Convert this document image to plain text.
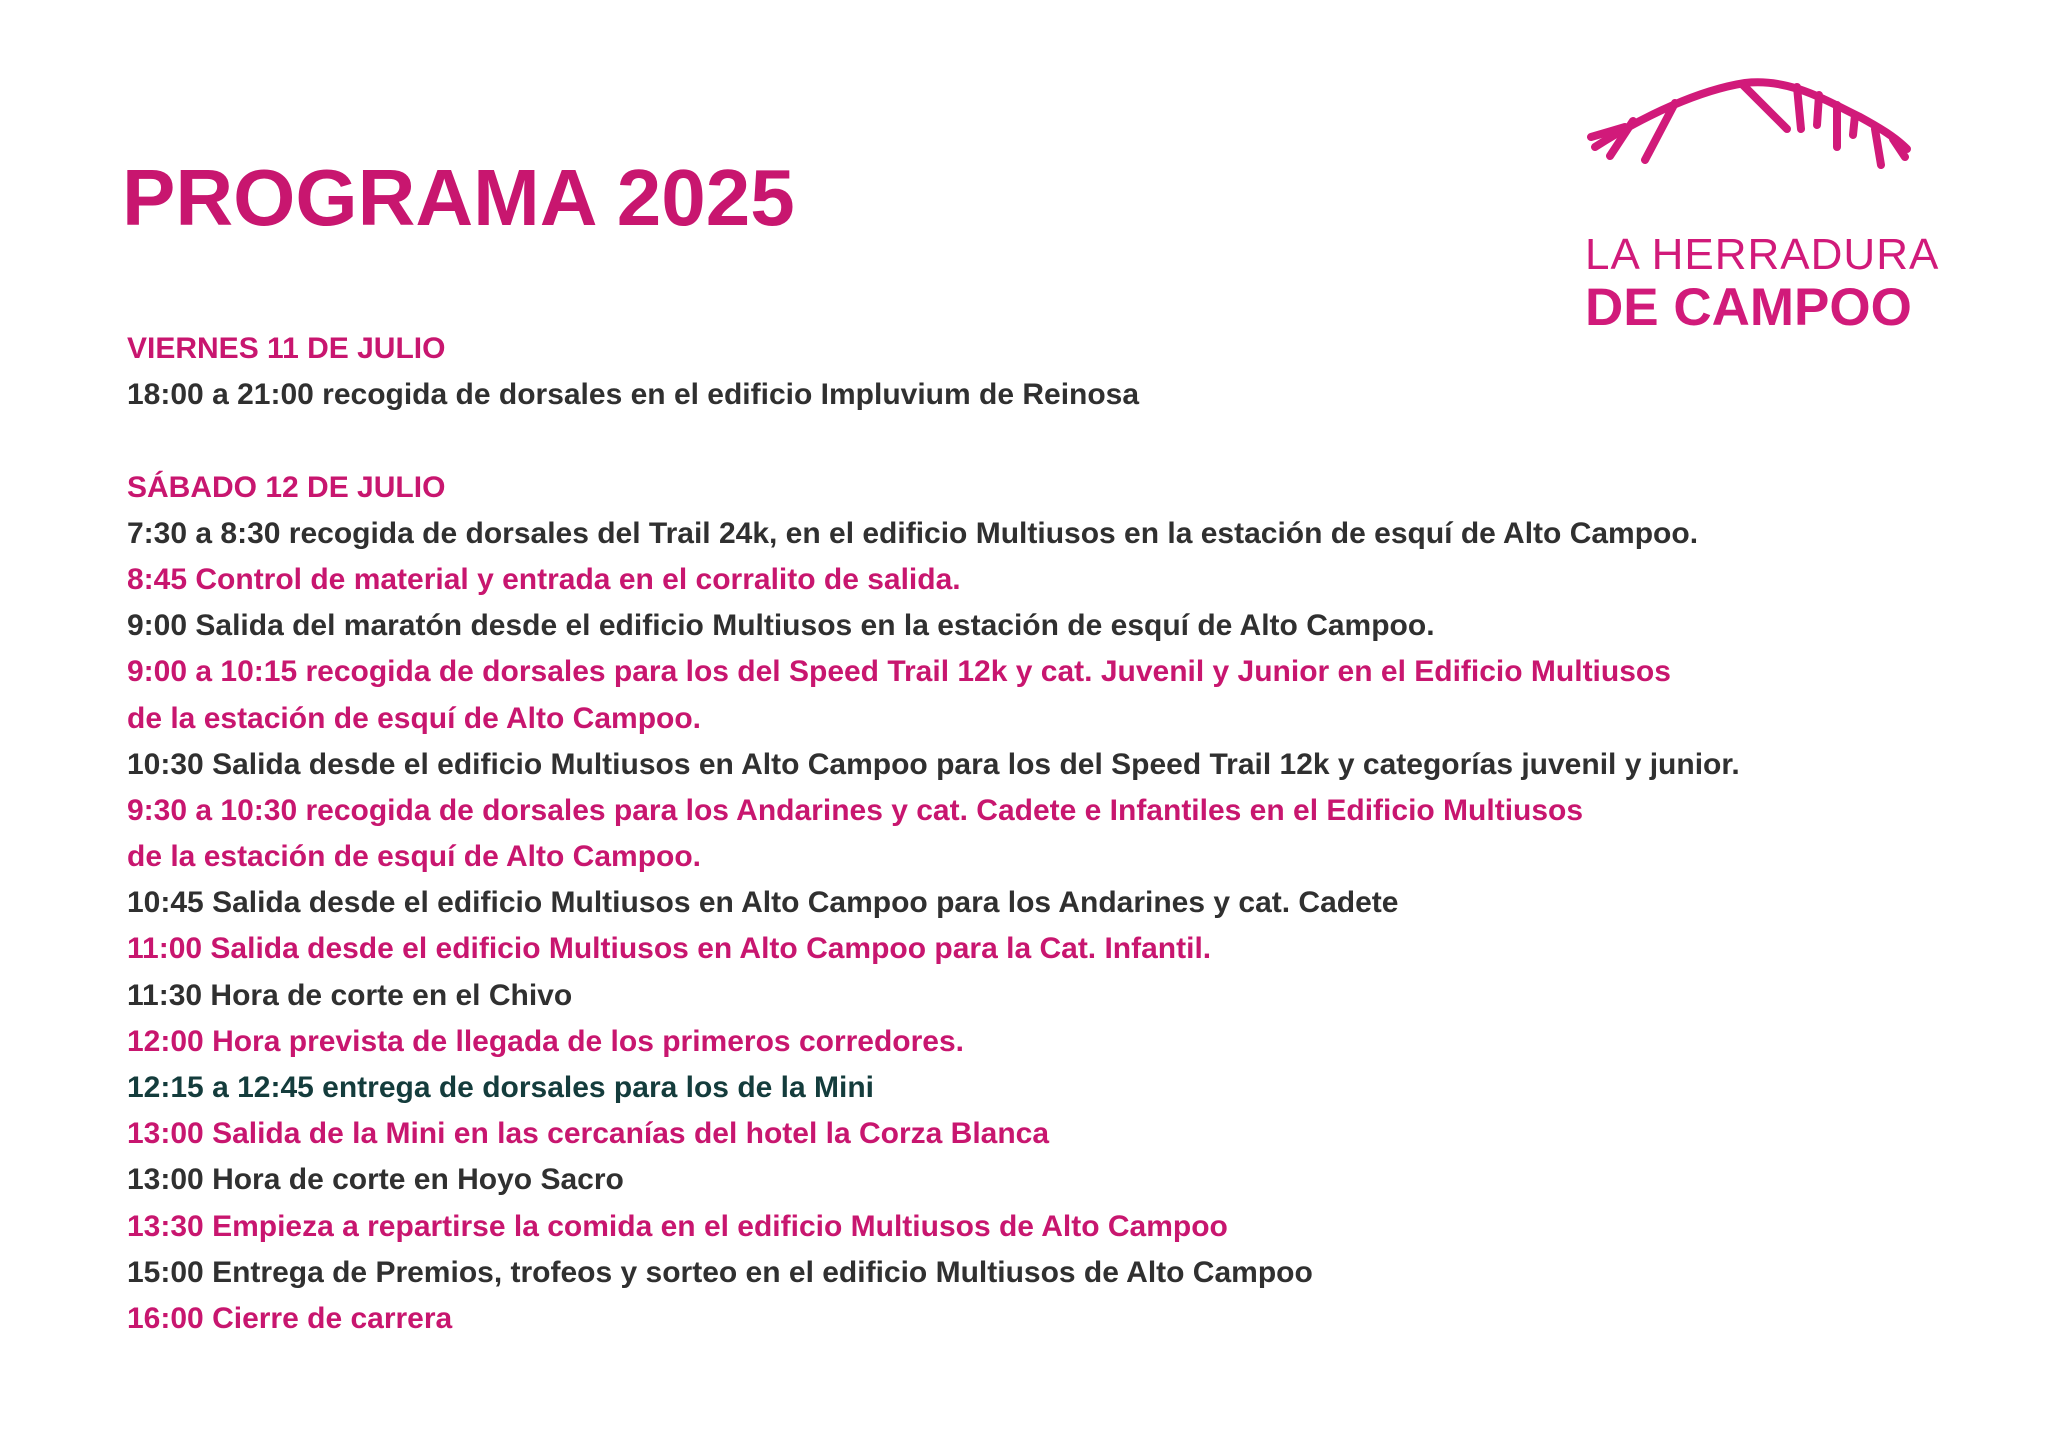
PROGRAMA 2025
LA HERRADURA
DE CAMPOO
VIERNES 11 DE JULIO
18:00 a 21:00 recogida de dorsales en el edificio Impluvium de Reinosa
SÁBADO 12 DE JULIO
7:30 a 8:30 recogida de dorsales del Trail 24k, en el edificio Multiusos en la estación de esquí de Alto Campoo.
8:45 Control de material y entrada en el corralito de salida.
9:00 Salida del maratón desde el edificio Multiusos en la estación de esquí de Alto Campoo.
9:00 a 10:15 recogida de dorsales para los del Speed Trail 12k y cat. Juvenil y Junior en el Edificio Multiusos
de la estación de esquí de Alto Campoo.
10:30 Salida desde el edificio Multiusos en Alto Campoo para los del Speed Trail 12k y categorías juvenil y junior.
9:30 a 10:30 recogida de dorsales para los Andarines y cat. Cadete e Infantiles en el Edificio Multiusos
de la estación de esquí de Alto Campoo.
10:45 Salida desde el edificio Multiusos en Alto Campoo para los Andarines y cat. Cadete
11:00 Salida desde el edificio Multiusos en Alto Campoo para la Cat. Infantil.
11:30 Hora de corte en el Chivo
12:00 Hora prevista de llegada de los primeros corredores.
12:15 a 12:45 entrega de dorsales para los de la Mini
13:00 Salida de la Mini en las cercanías del hotel la Corza Blanca
13:00 Hora de corte en Hoyo Sacro
13:30 Empieza a repartirse la comida en el edificio Multiusos de Alto Campoo
15:00 Entrega de Premios, trofeos y sorteo en el edificio Multiusos de Alto Campoo
16:00 Cierre de carrera
